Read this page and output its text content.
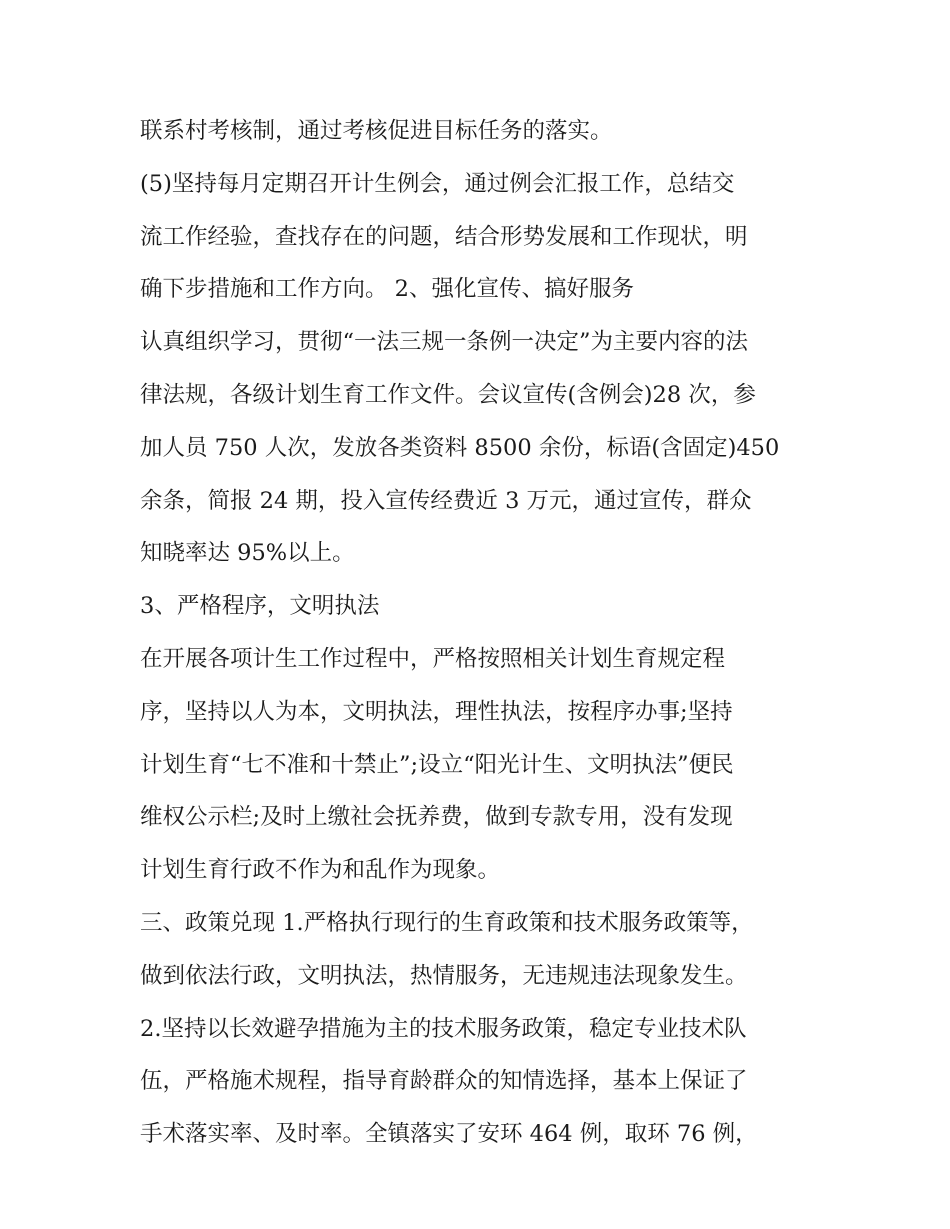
联系村考核制，通过考核促进目标任务的落实。
(5)坚持每月定期召开计生例会，通过例会汇报工作，总结交
流工作经验，查找存在的问题，结合形势发展和工作现状，明
确下步措施和工作方向。 2、强化宣传、搞好服务
认真组织学习，贯彻“一法三规一条例一决定”为主要内容的法
律法规，各级计划生育工作文件。会议宣传(含例会)28 次，参
加人员 750 人次，发放各类资料 8500 余份，标语(含固定)450
余条，简报 24 期，投入宣传经费近 3 万元，通过宣传，群众
知晓率达 95%以上。
3、严格程序，文明执法
在开展各项计生工作过程中，严格按照相关计划生育规定程
序，坚持以人为本，文明执法，理性执法，按程序办事;坚持
计划生育“七不准和十禁止”;设立“阳光计生、文明执法”便民
维权公示栏;及时上缴社会抚养费，做到专款专用，没有发现
计划生育行政不作为和乱作为现象。
三、政策兑现 1.严格执行现行的生育政策和技术服务政策等，
做到依法行政，文明执法，热情服务，无违规违法现象发生。
2.坚持以长效避孕措施为主的技术服务政策，稳定专业技术队
伍，严格施术规程，指导育龄群众的知情选择，基本上保证了
手术落实率、及时率。全镇落实了安环 464 例，取环 76 例，
